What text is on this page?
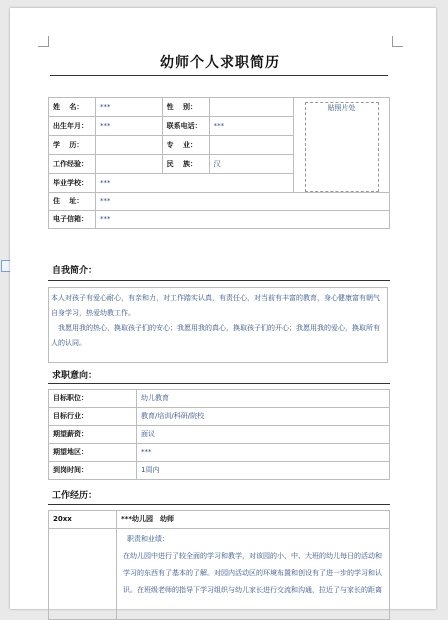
幼师个人求职简历
姓　 名：	***	性　 别：		贴照片处

出生年月：	***	联系电话：	***	
学　 历：		专　 业：		
工作经验：		民　 族：	汉	
毕业学校：	***			
住　 址：	***			
电子信箱：	***			
自我简介：

本人对孩子有爱心耐心，有亲和力，对工作踏实认真，有责任心，对当前有丰富的教育，身心健康富有朝气自身学习，热爱幼教工作。

我愿用我的热心，换取孩子们的安心；我愿用我的真心，换取孩子们的开心；我愿用我的爱心，换取所有人的认同。

求职意向：
目标职位：	幼儿教育
目标行业：	教育/培训/科研/院校
期望薪资：	面议
期望地区：	***
到岗时间：	1周内
工作经历：
20xx	***幼儿园　幼师

	职责和业绩：
在幼儿园中进行了较全面的学习和教学，对该园的小、中、大班的幼儿每日的活动和学习的东西有了基本的了解。对园内活动区的环境布置和创设有了进一步的学习和认识。在班级老师的指导下学习组织与幼儿家长进行交流和沟通，拉近了与家长的距离
